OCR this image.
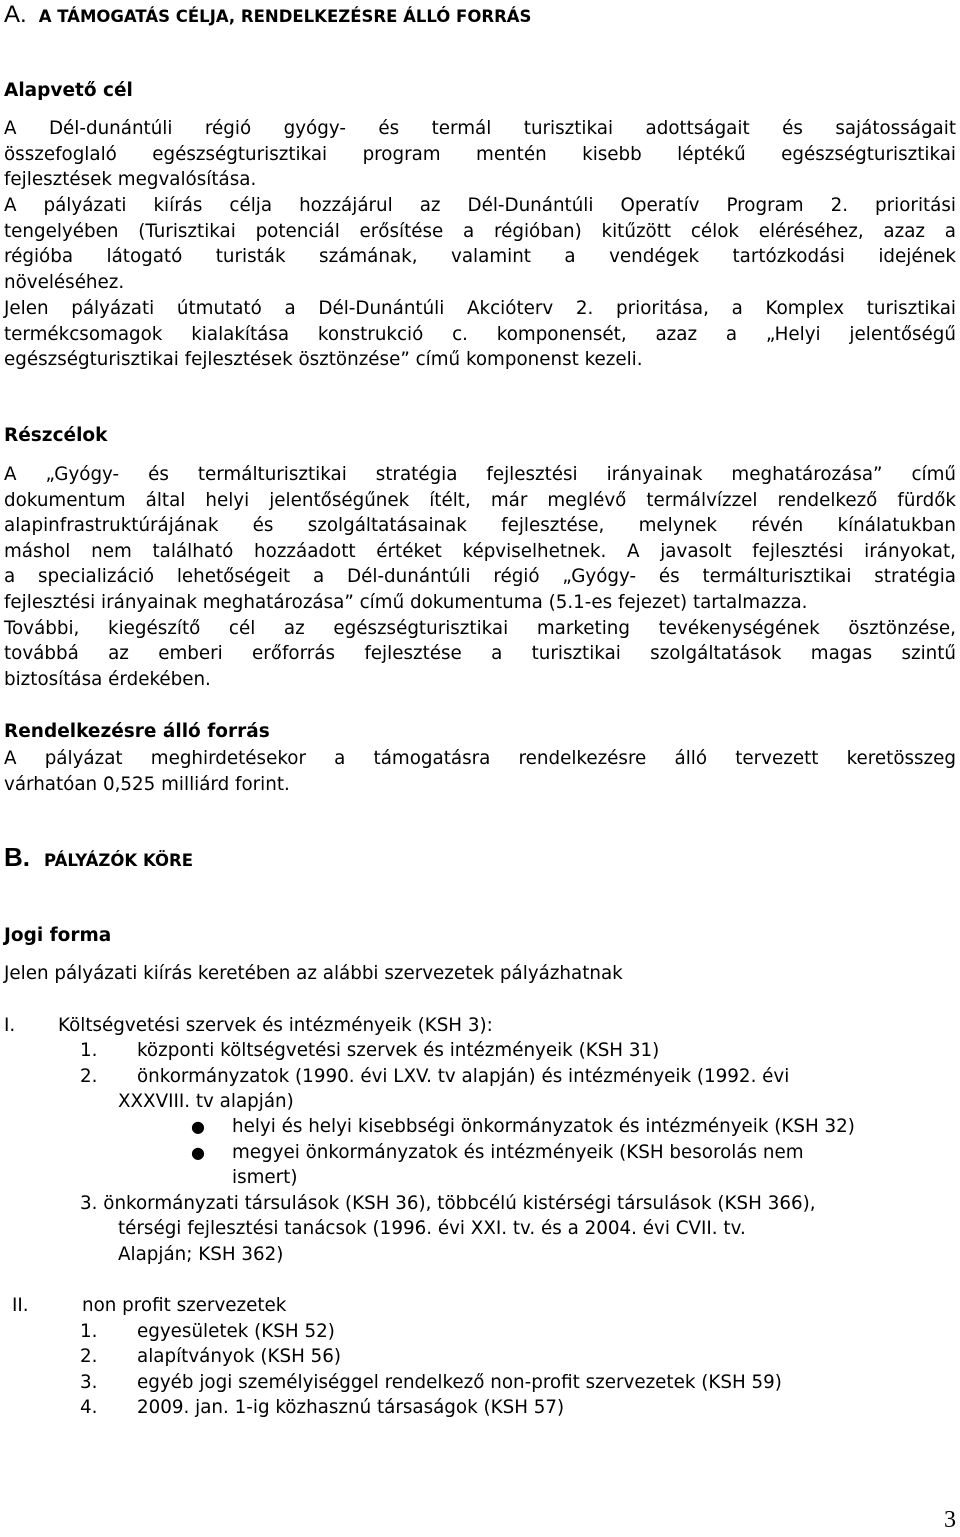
A. A TÁMOGATÁS CÉLJA, RENDELKEZÉSRE ÁLLÓ FORRÁS
Alapvető cél
A Dél-dunántúli régió gyógy- és termál turisztikai adottságait és sajátosságait
összefoglaló egészségturisztikai program mentén kisebb léptékű egészségturisztikai
fejlesztések megvalósítása.
A pályázati kiírás célja hozzájárul az Dél-Dunántúli Operatív Program 2. prioritási
tengelyében (Turisztikai potenciál erősítése a régióban) kitűzött célok eléréséhez, azaz a
régióba látogató turisták számának, valamint a vendégek tartózkodási idejének
növeléséhez.
Jelen pályázati útmutató a Dél-Dunántúli Akcióterv 2. prioritása, a Komplex turisztikai
termékcsomagok kialakítása konstrukció c. komponensét, azaz a „Helyi jelentőségű
egészségturisztikai fejlesztések ösztönzése” című komponenst kezeli.
Részcélok
A „Gyógy- és termálturisztikai stratégia fejlesztési irányainak meghatározása” című
dokumentum által helyi jelentőségűnek ítélt, már meglévő termálvízzel rendelkező fürdők
alapinfrastruktúrájának és szolgáltatásainak fejlesztése, melynek révén kínálatukban
máshol nem található hozzáadott értéket képviselhetnek. A javasolt fejlesztési irányokat,
a specializáció lehetőségeit a Dél-dunántúli régió „Gyógy- és termálturisztikai stratégia
fejlesztési irányainak meghatározása” című dokumentuma (5.1-es fejezet) tartalmazza.
További, kiegészítő cél az egészségturisztikai marketing tevékenységének ösztönzése,
továbbá az emberi erőforrás fejlesztése a turisztikai szolgáltatások magas szintű
biztosítása érdekében.
Rendelkezésre álló forrás
A pályázat meghirdetésekor a támogatásra rendelkezésre álló tervezett keretösszeg
várhatóan 0,525 milliárd forint.
B. PÁLYÁZÓK KÖRE
Jogi forma
Jelen pályázati kiírás keretében az alábbi szervezetek pályázhatnak
I. Költségvetési szervek és intézményeik (KSH 3):
1. központi költségvetési szervek és intézményeik (KSH 31)
2. önkormányzatok (1990. évi LXV. tv alapján) és intézményeik (1992. évi
XXXVIII. tv alapján)
● helyi és helyi kisebbségi önkormányzatok és intézményeik (KSH 32)
● megyei önkormányzatok és intézményeik (KSH besorolás nem
ismert)
3. önkormányzati társulások (KSH 36), többcélú kistérségi társulások (KSH 366),
térségi fejlesztési tanácsok (1996. évi XXI. tv. és a 2004. évi CVII. tv.
Alapján; KSH 362)
II.	non profit szervezetek
1. egyesületek (KSH 52)
2. alapítványok (KSH 56)
3. egyéb jogi személyiséggel rendelkező non-profit szervezetek (KSH 59)
4. 2009. jan. 1-ig közhasznú társaságok (KSH 57)
3
